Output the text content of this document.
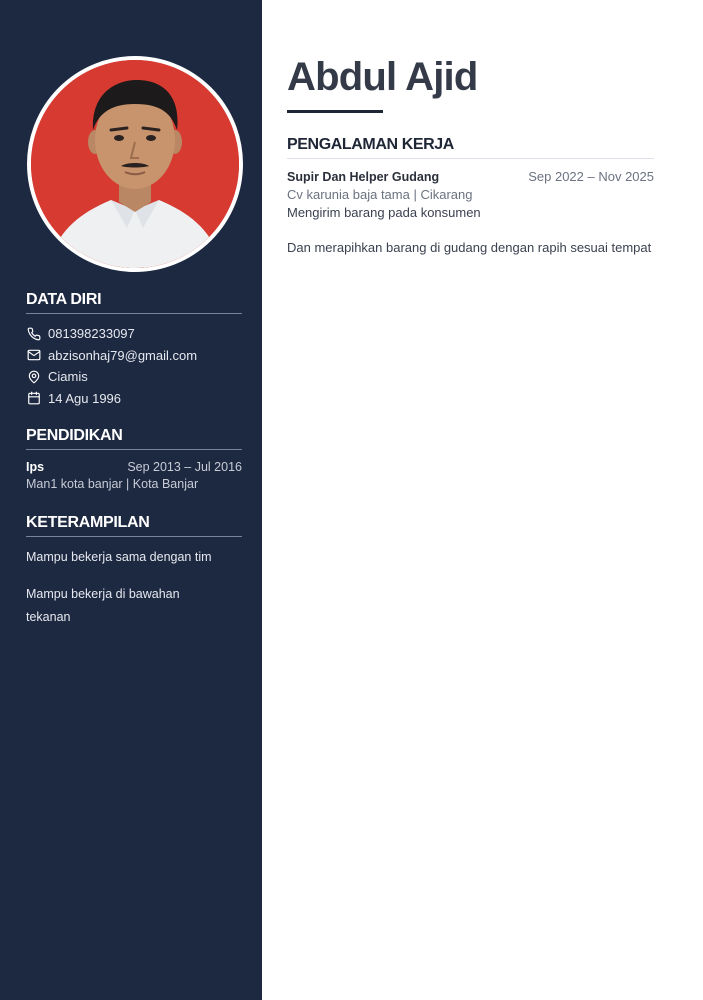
DATA DIRI
081398233097
abzisonhaj79@gmail.com
Ciamis
14 Agu 1996
PENDIDIKAN
Ips	Sep 2013 – Jul 2016
Man1 kota banjar | Kota Banjar
KETERAMPILAN

Mampu bekerja sama dengan tim

Mampu bekerja di bawahan tekanan

Abdul Ajid
PENGALAMAN KERJA
Supir Dan Helper Gudang	Sep 2022 – Nov 2025
Cv karunia baja tama | Cikarang

Mengirim barang pada konsumen

Dan merapihkan barang di gudang dengan rapih sesuai tempat
